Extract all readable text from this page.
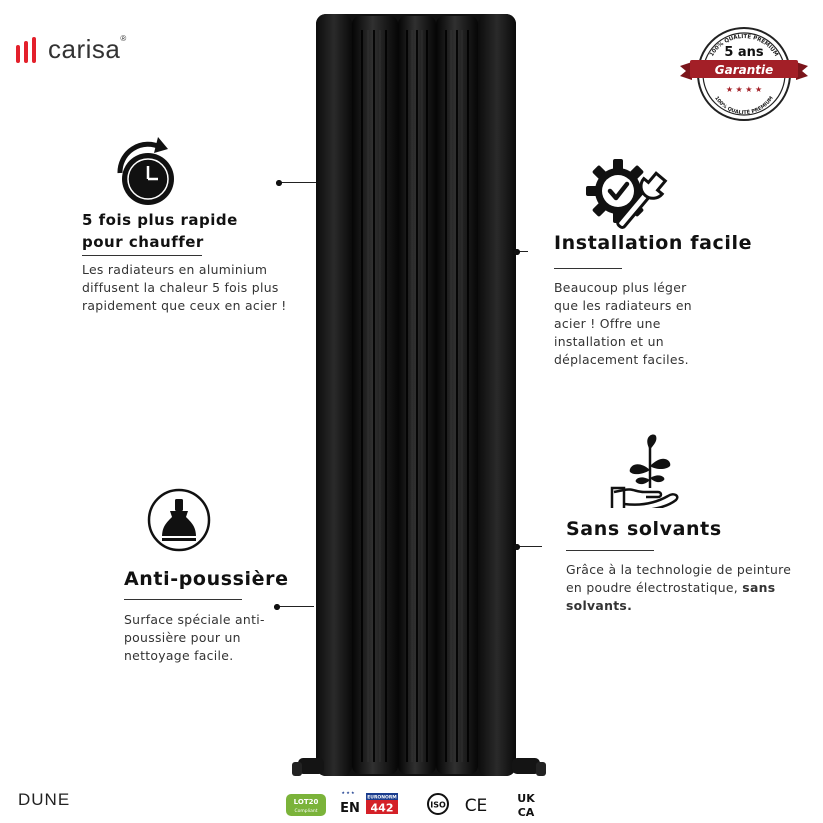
carisa®
100% QUALITÉ PREMIUM
5 ans
Garantie
★ ★ ★ ★
100% QUALITÉ PREMIUM
5 fois plus rapide
pour chauffer
Les radiateurs en aluminium diffusent la chaleur 5 fois plus rapidement que ceux en acier !
Installation facile
Beaucoup plus léger que les radiateurs en acier ! Offre une installation et un déplacement faciles.
Sans solvants
Grâce à la technologie de peinture en poudre électrostatique, sans solvants.
Anti-poussière
Surface spéciale anti-poussière pour un nettoyage facile.
DUNE	LOT20
Compliant
★ ★ ★
EN
EURONORM
442	ISO CE	UK
CA
